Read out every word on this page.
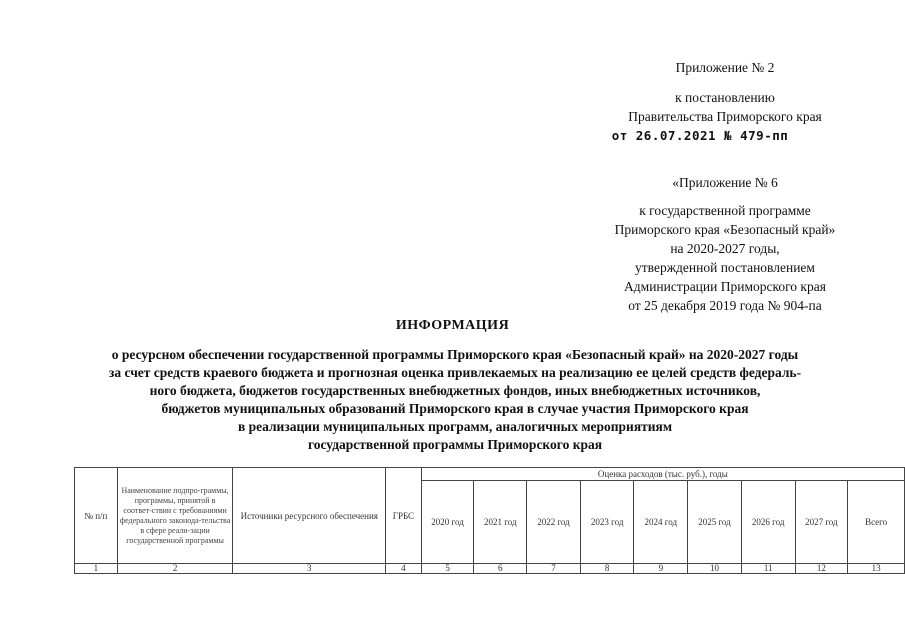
Приложение № 2
к постановлению
Правительства Приморского края
от 26.07.2021 № 479-пп
«Приложение № 6
к государственной программе
Приморского края «Безопасный край»
на 2020-2027 годы,
утвержденной постановлением
Администрации Приморского края
от 25 декабря 2019 года № 904-па
ИНФОРМАЦИЯ
о ресурсном обеспечении государственной программы Приморского края «Безопасный край» на 2020-2027 годы
за счет средств краевого бюджета и прогнозная оценка привлекаемых на реализацию ее целей средств федераль-
ного бюджета, бюджетов государственных внебюджетных фондов, иных внебюджетных источников,
бюджетов муниципальных образований Приморского края в случае участия Приморского края
в реализации муниципальных программ, аналогичных мероприятиям
государственной программы Приморского края
№ п/п	Наименование подпро-граммы, программы, принятой в соответ-ствии с требованиями федерального законода-тельства в сфере реали-зации государственной программы	Источники ресурсного обеспечения	ГРБС	Оценка расходов (тыс. руб.), годы								
				2020 год	2021 год	2022 год	2023 год	2024 год	2025 год	2026 год	2027 год	Всего
1	2	3	4	5	6	7	8	9	10	11	12	13
